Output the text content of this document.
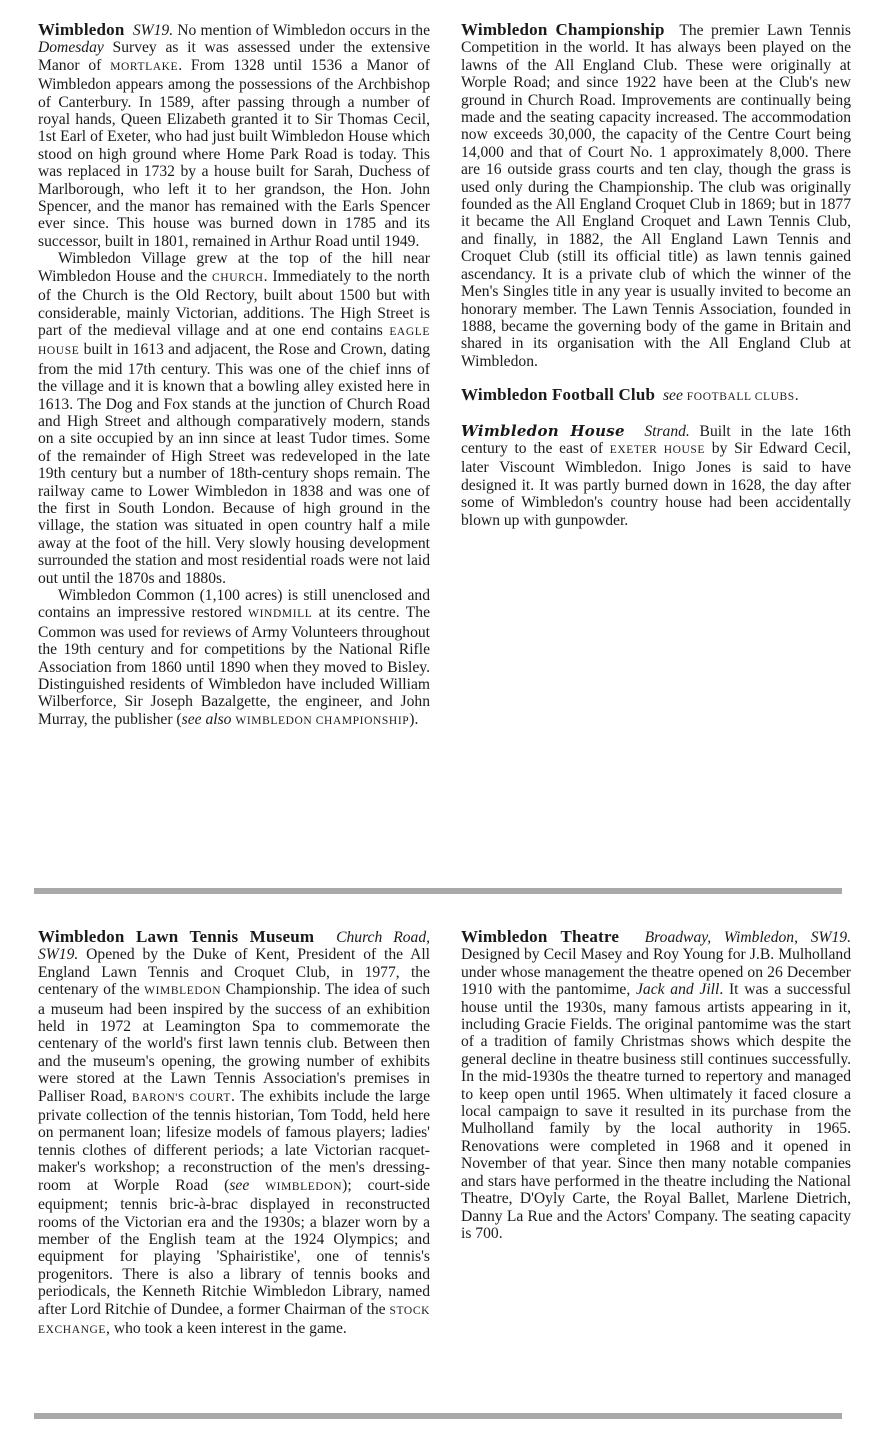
Wimbledon SW19. No mention of Wimbledon occurs in the Domesday Survey as it was assessed under the extensive Manor of MORTLAKE. From 1328 until 1536 a Manor of Wimbledon appears among the possessions of the Archbishop of Canterbury. In 1589, after passing through a number of royal hands, Queen Elizabeth granted it to Sir Thomas Cecil, 1st Earl of Exeter, who had just built Wimbledon House which stood on high ground where Home Park Road is today. This was replaced in 1732 by a house built for Sarah, Duchess of Marlborough, who left it to her grandson, the Hon. John Spencer, and the manor has remained with the Earls Spencer ever since. This house was burned down in 1785 and its successor, built in 1801, remained in Arthur Road until 1949.

Wimbledon Village grew at the top of the hill near Wimbledon House and the CHURCH. Immediately to the north of the Church is the Old Rectory, built about 1500 but with considerable, mainly Victorian, additions. The High Street is part of the medieval village and at one end contains EAGLE HOUSE built in 1613 and adjacent, the Rose and Crown, dating from the mid 17th century. This was one of the chief inns of the village and it is known that a bowling alley existed here in 1613. The Dog and Fox stands at the junction of Church Road and High Street and although comparatively modern, stands on a site occupied by an inn since at least Tudor times. Some of the remainder of High Street was redeveloped in the late 19th century but a number of 18th-century shops remain. The railway came to Lower Wimbledon in 1838 and was one of the first in South London. Because of high ground in the village, the station was situated in open country half a mile away at the foot of the hill. Very slowly housing development surrounded the station and most residential roads were not laid out until the 1870s and 1880s.

Wimbledon Common (1,100 acres) is still unenclosed and contains an impressive restored WINDMILL at its centre. The Common was used for reviews of Army Volunteers throughout the 19th century and for competitions by the National Rifle Association from 1860 until 1890 when they moved to Bisley. Distinguished residents of Wimbledon have included William Wilberforce, Sir Joseph Bazalgette, the engineer, and John Murray, the publisher (see also WIMBLEDON CHAMPIONSHIP).

Wimbledon Championship The premier Lawn Tennis Competition in the world. It has always been played on the lawns of the All England Club. These were originally at Worple Road; and since 1922 have been at the Club's new ground in Church Road. Improvements are continually being made and the seating capacity increased. The accommodation now exceeds 30,000, the capacity of the Centre Court being 14,000 and that of Court No. 1 approximately 8,000. There are 16 outside grass courts and ten clay, though the grass is used only during the Championship. The club was originally founded as the All England Croquet Club in 1869; but in 1877 it became the All England Croquet and Lawn Tennis Club, and finally, in 1882, the All England Lawn Tennis and Croquet Club (still its official title) as lawn tennis gained ascendancy. It is a private club of which the winner of the Men's Singles title in any year is usually invited to become an honorary member. The Lawn Tennis Association, founded in 1888, became the governing body of the game in Britain and shared in its organisation with the All England Club at Wimbledon.

Wimbledon Football Club see FOOTBALL CLUBS.

Wimbledon House Strand. Built in the late 16th century to the east of EXETER HOUSE by Sir Edward Cecil, later Viscount Wimbledon. Inigo Jones is said to have designed it. It was partly burned down in 1628, the day after some of Wimbledon's country house had been accidentally blown up with gunpowder.

Wimbledon Lawn Tennis Museum Church Road, SW19. Opened by the Duke of Kent, President of the All England Lawn Tennis and Croquet Club, in 1977, the centenary of the WIMBLEDON Championship. The idea of such a museum had been inspired by the success of an exhibition held in 1972 at Leamington Spa to commemorate the centenary of the world's first lawn tennis club. Between then and the museum's opening, the growing number of exhibits were stored at the Lawn Tennis Association's premises in Palliser Road, BARON'S COURT. The exhibits include the large private collection of the tennis historian, Tom Todd, held here on permanent loan; lifesize models of famous players; ladies' tennis clothes of different periods; a late Victorian racquet-maker's workshop; a reconstruction of the men's dressing-room at Worple Road (see WIMBLEDON); court-side equipment; tennis bric-à-brac displayed in reconstructed rooms of the Victorian era and the 1930s; a blazer worn by a member of the English team at the 1924 Olympics; and equipment for playing 'Sphairistike', one of tennis's progenitors. There is also a library of tennis books and periodicals, the Kenneth Ritchie Wimbledon Library, named after Lord Ritchie of Dundee, a former Chairman of the STOCK EXCHANGE, who took a keen interest in the game.

Wimbledon Theatre Broadway, Wimbledon, SW19. Designed by Cecil Masey and Roy Young for J.B. Mulholland under whose management the theatre opened on 26 December 1910 with the pantomime, Jack and Jill. It was a successful house until the 1930s, many famous artists appearing in it, including Gracie Fields. The original pantomime was the start of a tradition of family Christmas shows which despite the general decline in theatre business still continues successfully. In the mid-1930s the theatre turned to repertory and managed to keep open until 1965. When ultimately it faced closure a local campaign to save it resulted in its purchase from the Mulholland family by the local authority in 1965. Renovations were completed in 1968 and it opened in November of that year. Since then many notable companies and stars have performed in the theatre including the National Theatre, D'Oyly Carte, the Royal Ballet, Marlene Dietrich, Danny La Rue and the Actors' Company. The seating capacity is 700.
